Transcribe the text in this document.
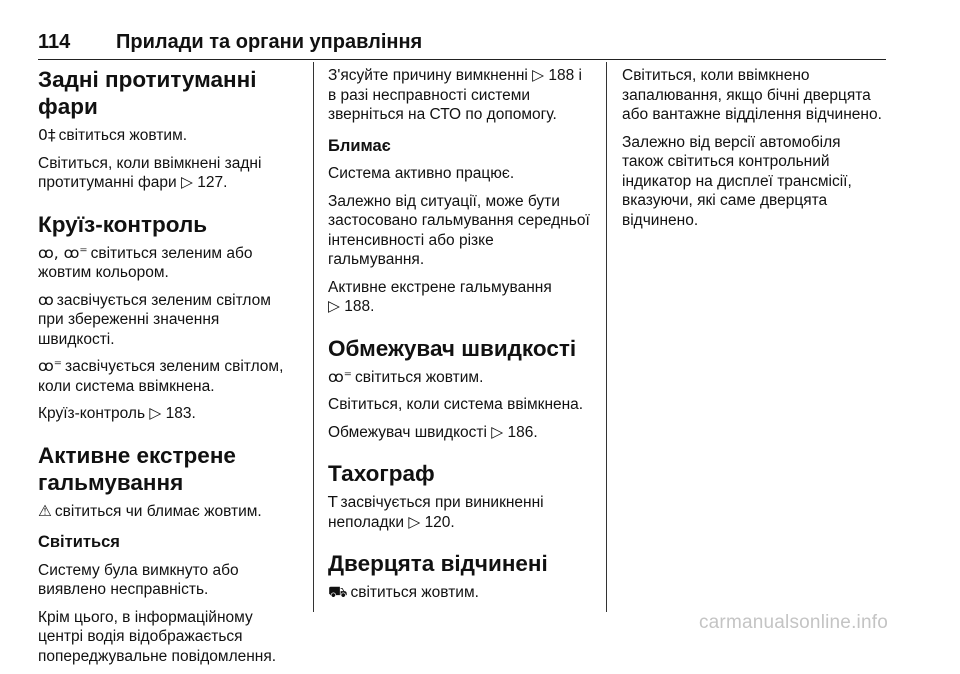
114	Прилади та органи управління
Задні протитуманні фари

0‡ світиться жовтим.

Світиться, коли ввімкнені задні протитуманні фари ▷ 127.

Круїз-контроль

ꝏ, ꝏ⁼ світиться зеленим або жовтим кольором.

ꝏ засвічується зеленим світлом при збереженні значення швидкості.

ꝏ⁼ засвічується зеленим світлом, коли система ввімкнена.

Круїз-контроль ▷ 183.

Активне екстрене гальмування

⚠ світиться чи блимає жовтим.

Світиться

Систему була вимкнуто або виявлено несправність.

Крім цього, в інформаційному центрі водія відображається попереджувальне повідомлення.

З'ясуйте причину вимкненні ▷ 188 і в разі несправності системи зверніться на СТО по допомогу.

Блимає

Система активно працює.

Залежно від ситуації, може бути застосовано гальмування середньої інтенсивності або різке гальмування.

Активне екстрене гальмування
▷ 188.

Обмежувач швидкості

ꝏ⁼ світиться жовтим.

Світиться, коли система ввімкнена.

Обмежувач швидкості ▷ 186.

Тахограф

T засвічується при виникненні неполадки ▷ 120.

Дверцята відчинені

⛟ світиться жовтим.

Світиться, коли ввімкнено запалювання, якщо бічні дверцята або вантажне відділення відчинено.

Залежно від версії автомобіля також світиться контрольний індикатор на дисплеї трансмісії, вказуючи, які саме дверцята відчинено.

carmanualsonline.info
